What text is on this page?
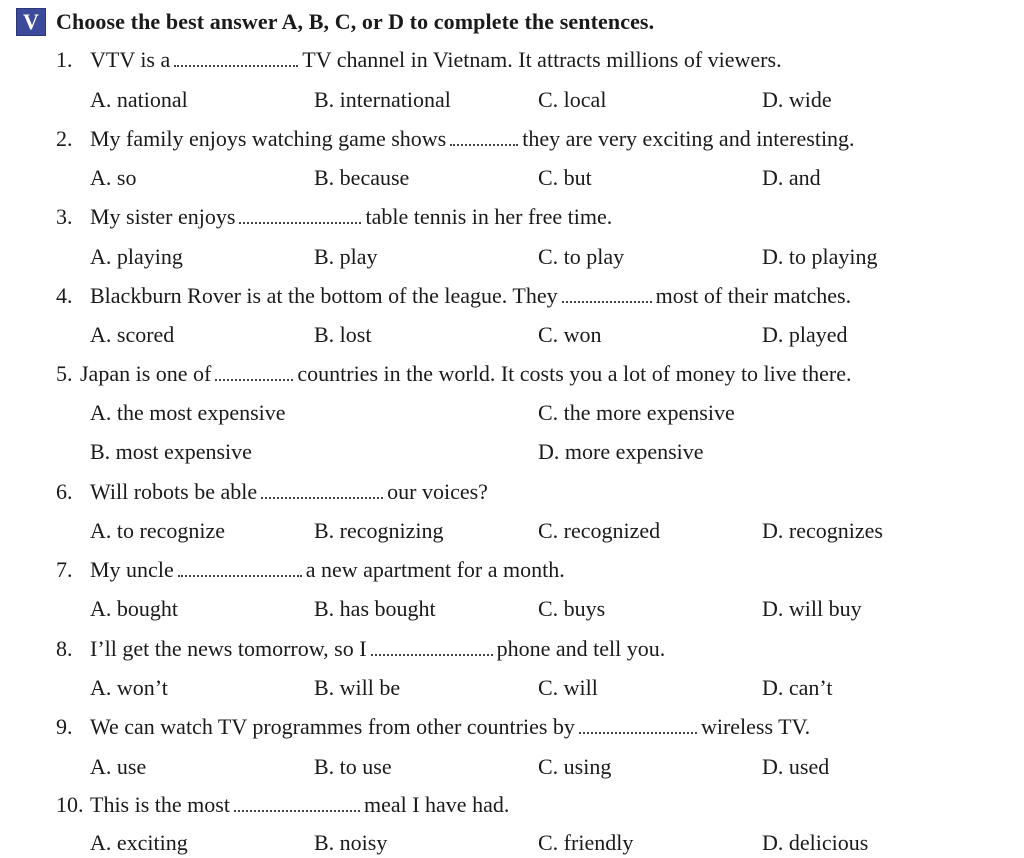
V Choose the best answer A, B, C, or D to complete the sentences.
1. VTV is a	TV channel in Vietnam. It attracts millions of viewers.
A. national	B. international	C. local	D. wide
2. My family enjoys watching game shows	they are very exciting and interesting.
A. so	B. because	C. but	D. and
3. My sister enjoys	table tennis in her free time.
A. playing	B. play	C. to play	D. to playing
4. Blackburn Rover is at the bottom of the league. They	most of their matches.
A. scored	B. lost	C. won	D. played
5. Japan is one of	countries in the world. It costs you a lot of money to live there.
A. the most expensive	C. the more expensive
B. most expensive	D. more expensive
6. Will robots be able	our voices?
A. to recognize	B. recognizing	C. recognized	D. recognizes
7. My uncle	a new apartment for a month.
A. bought	B. has bought	C. buys	D. will buy
8. I’ll get the news tomorrow, so I	phone and tell you.
A. won’t	B. will be	C. will	D. can’t
9. We can watch TV programmes from other countries by	wireless TV.
A. use	B. to use	C. using	D. used
10. This is the most	meal I have had.
A. exciting	B. noisy	C. friendly	D. delicious
